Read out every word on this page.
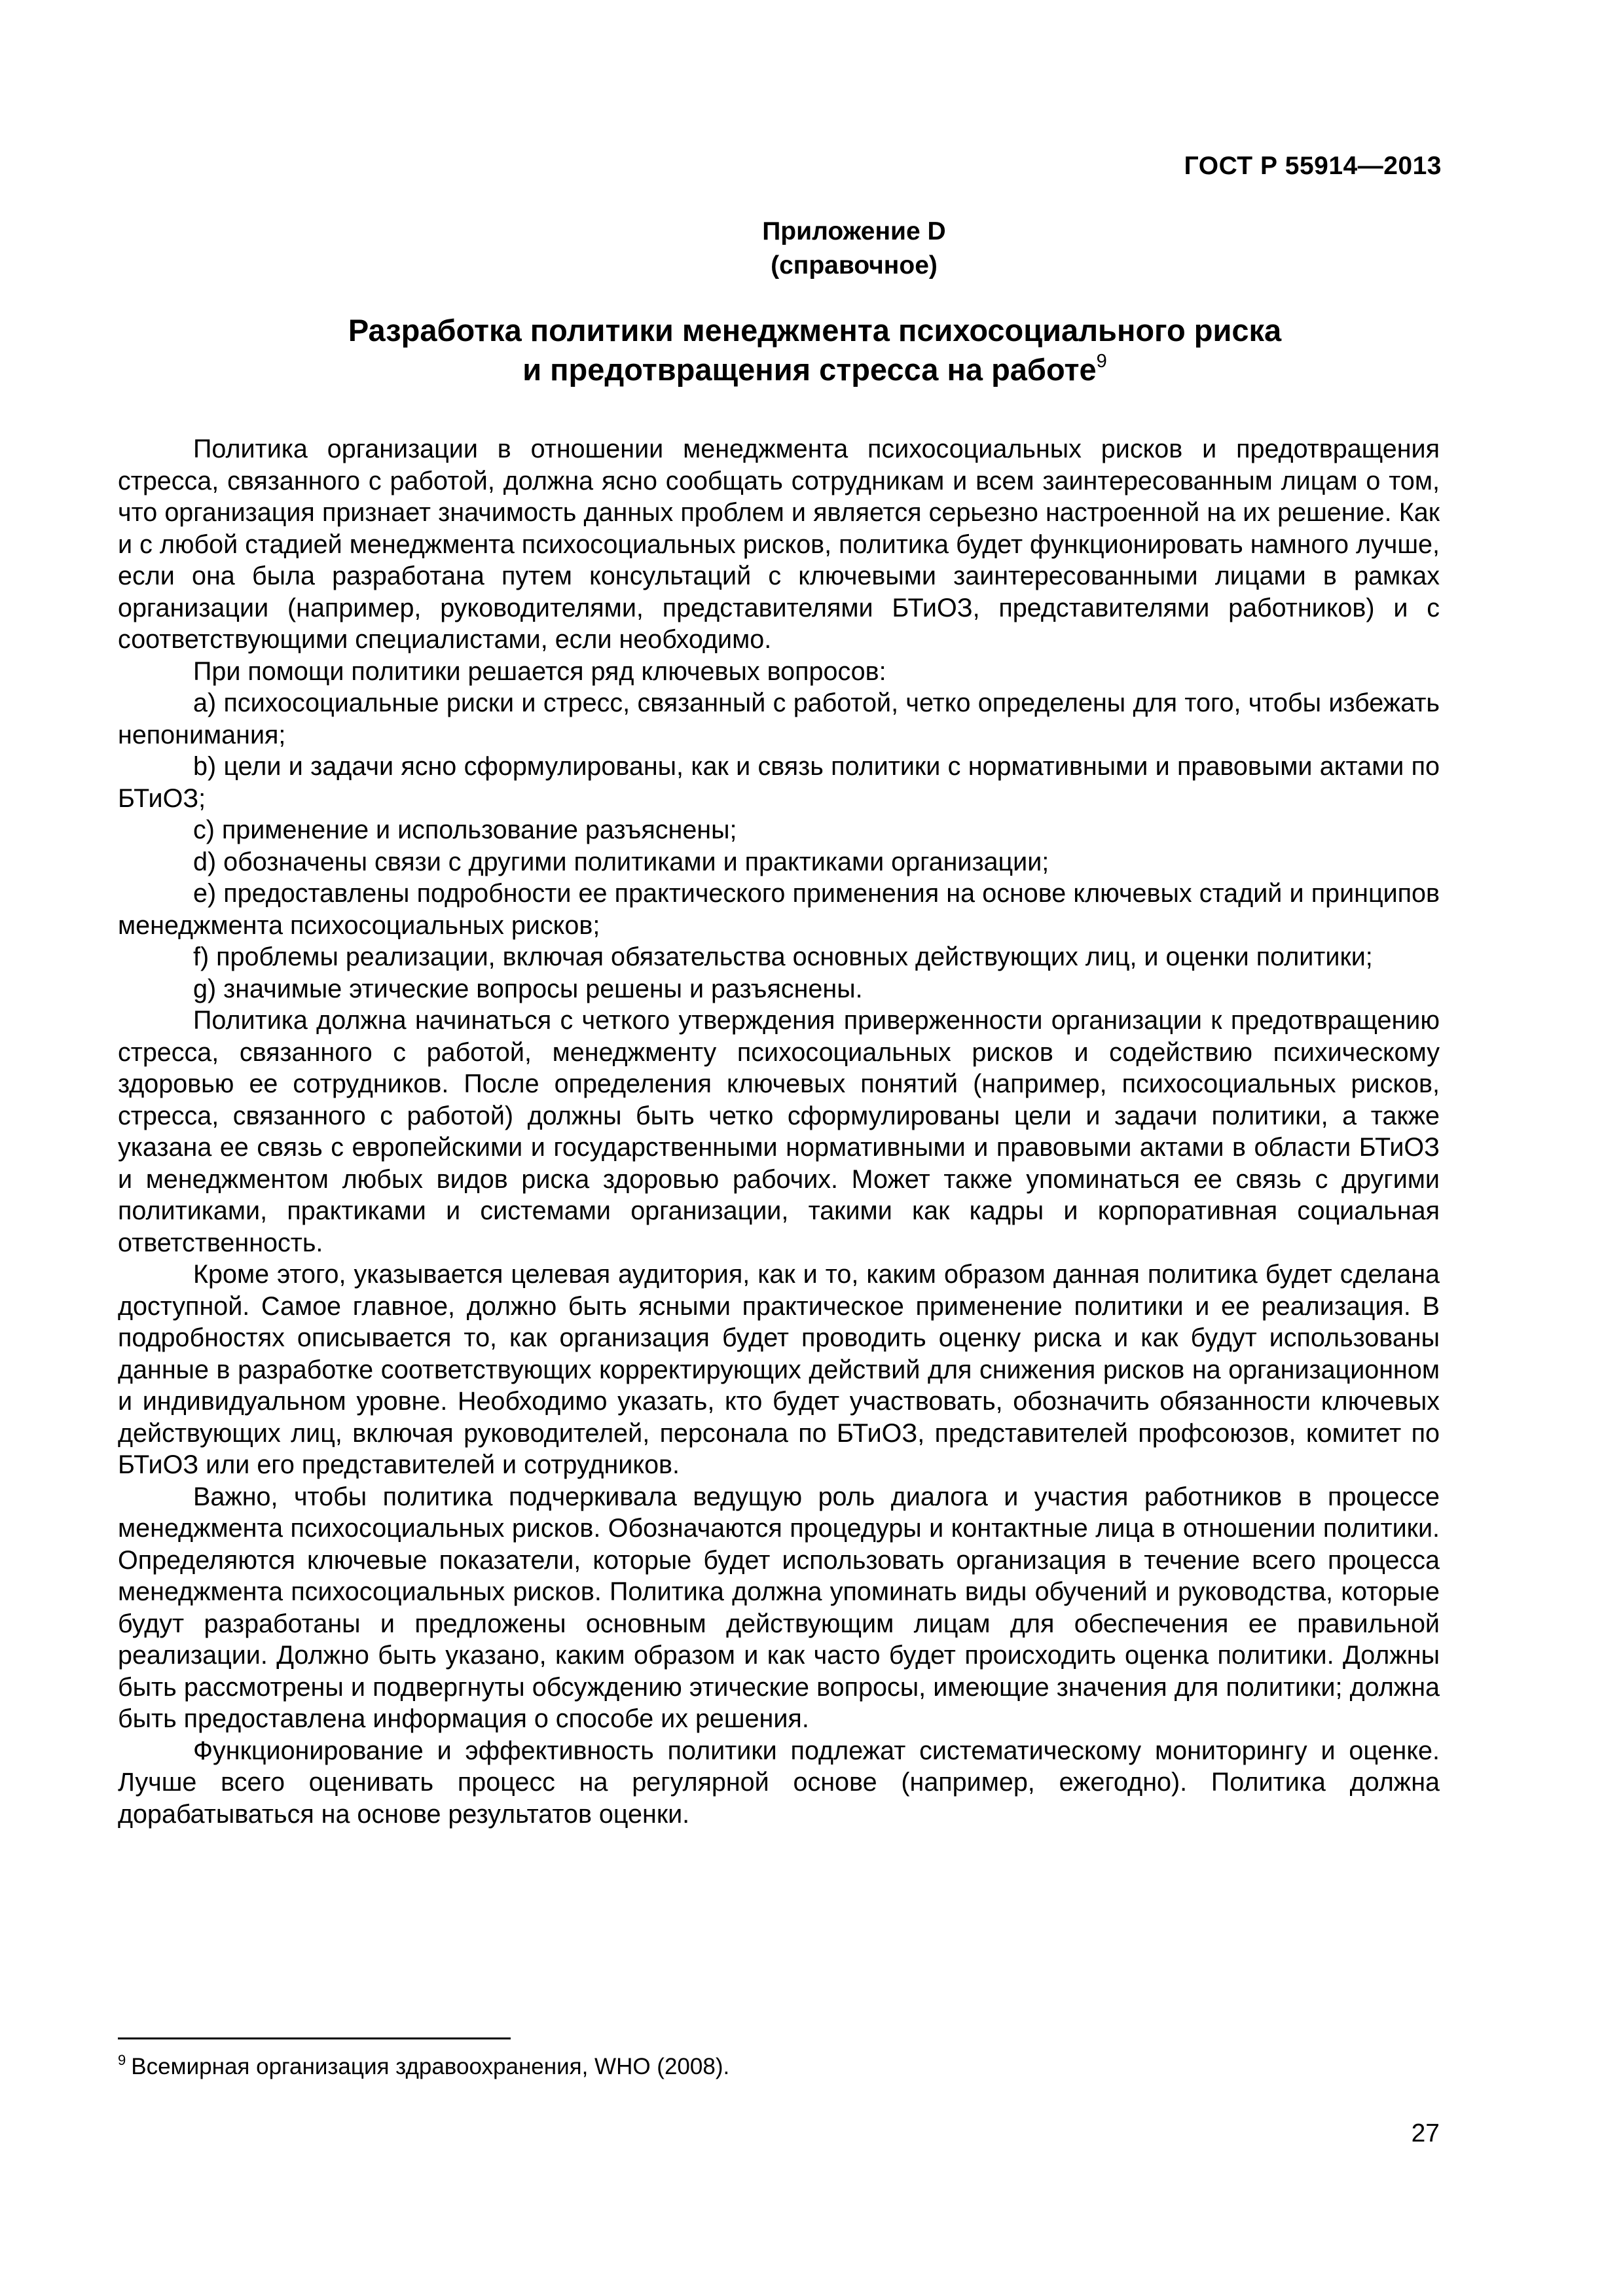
ГОСТ Р 55914—2013
Приложение D
(справочное)
Разработка политики менеджмента психосоциального риска
и предотвращения стресса на работе$^9$

Политика организации в отношении менеджмента психосоциальных рисков и предотвращения стресса, связанного с работой, должна ясно сообщать сотрудникам и всем заинтересованным лицам о том, что организация признает значимость данных проблем и является серьезно настроенной на их решение. Как и с любой стадией менеджмента психосоциальных рисков, политика будет функционировать намного лучше, если она была разработана путем консультаций с ключевыми заинтересованными лицами в рамках организации (например, руководителями, представителями БТиОЗ, представителями работников) и с соответствующими специалистами, если необходимо.

При помощи политики решается ряд ключевых вопросов:

a) психосоциальные риски и стресс, связанный с работой, четко определены для того, чтобы избежать непонимания;

b) цели и задачи ясно сформулированы, как и связь политики с нормативными и правовыми актами по БТиОЗ;

c) применение и использование разъяснены;

d) обозначены связи с другими политиками и практиками организации;

e) предоставлены подробности ее практического применения на основе ключевых стадий и принципов менеджмента психосоциальных рисков;

f) проблемы реализации, включая обязательства основных действующих лиц, и оценки политики;

g) значимые этические вопросы решены и разъяснены.

Политика должна начинаться с четкого утверждения приверженности организации к предотвращению стресса, связанного с работой, менеджменту психосоциальных рисков и содействию психическому здоровью ее сотрудников. После определения ключевых понятий (например, психосоциальных рисков, стресса, связанного с работой) должны быть четко сформулированы цели и задачи политики, а также указана ее связь с европейскими и государственными нормативными и правовыми актами в области БТиОЗ и менеджментом любых видов риска здоровью рабочих. Может также упоминаться ее связь с другими политиками, практиками и системами организации, такими как кадры и корпоративная социальная ответственность.

Кроме этого, указывается целевая аудитория, как и то, каким образом данная политика будет сделана доступной. Самое главное, должно быть ясными практическое применение политики и ее реализация. В подробностях описывается то, как организация будет проводить оценку риска и как будут использованы данные в разработке соответствующих корректирующих действий для снижения рисков на организационном и индивидуальном уровне. Необходимо указать, кто будет участвовать, обозначить обязанности ключевых действующих лиц, включая руководителей, персонала по БТиОЗ, представителей профсоюзов, комитет по БТиОЗ или его представителей и сотрудников.

Важно, чтобы политика подчеркивала ведущую роль диалога и участия работников в процессе менеджмента психосоциальных рисков. Обозначаются процедуры и контактные лица в отношении политики. Определяются ключевые показатели, которые будет использовать организация в течение всего процесса менеджмента психосоциальных рисков. Политика должна упоминать виды обучений и руководства, которые будут разработаны и предложены основным действующим лицам для обеспечения ее правильной реализации. Должно быть указано, каким образом и как часто будет происходить оценка политики. Должны быть рассмотрены и подвергнуты обсуждению этические вопросы, имеющие значения для политики; должна быть предоставлена информация о способе их решения.

Функционирование и эффективность политики подлежат систематическому мониторингу и оценке. Лучше всего оценивать процесс на регулярной основе (например, ежегодно). Политика должна дорабатываться на основе результатов оценки.

$^9$ Всемирная организация здравоохранения, WHO (2008).
27
